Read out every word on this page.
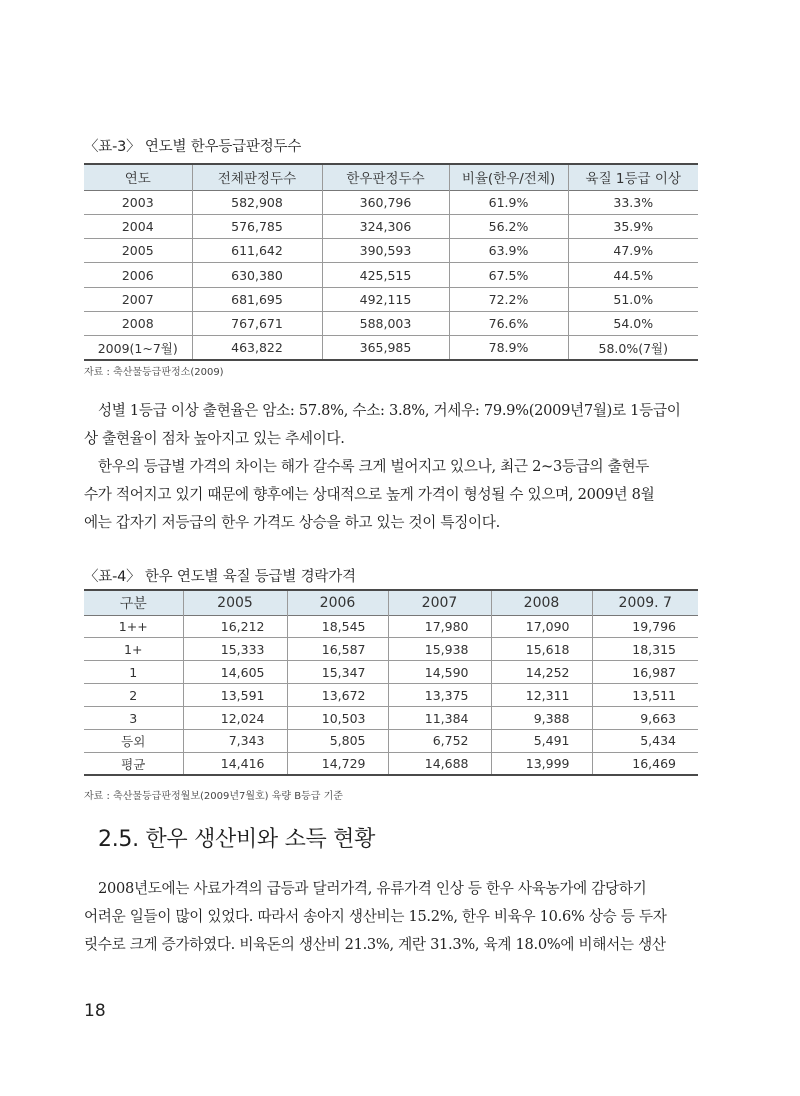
〈표-3〉 연도별 한우등급판정두수
연도	전체판정두수	한우판정두수	비율(한우/전체)	육질 1등급 이상
2003	582,908	360,796	61.9%	33.3%
2004	576,785	324,306	56.2%	35.9%
2005	611,642	390,593	63.9%	47.9%
2006	630,380	425,515	67.5%	44.5%
2007	681,695	492,115	72.2%	51.0%
2008	767,671	588,003	76.6%	54.0%
2009(1~7월)	463,822	365,985	78.9%	58.0%(7월)
자료 : 축산물등급판정소(2009)

성별 1등급 이상 출현율은 암소: 57.8%, 수소: 3.8%, 거세우: 79.9%(2009년7월)로 1등급이

상 출현율이 점차 높아지고 있는 추세이다.

한우의 등급별 가격의 차이는 해가 갈수록 크게 벌어지고 있으나, 최근 2~3등급의 출현두

수가 적어지고 있기 때문에 향후에는 상대적으로 높게 가격이 형성될 수 있으며, 2009년 8월

에는 갑자기 저등급의 한우 가격도 상승을 하고 있는 것이 특징이다.

〈표-4〉 한우 연도별 육질 등급별 경락가격
구분	2005	2006	2007	2008	2009. 7
1++	16,212	18,545	17,980	17,090	19,796
1+	15,333	16,587	15,938	15,618	18,315
1	14,605	15,347	14,590	14,252	16,987
2	13,591	13,672	13,375	12,311	13,511
3	12,024	10,503	11,384	9,388	9,663
등외	7,343	5,805	6,752	5,491	5,434
평균	14,416	14,729	14,688	13,999	16,469
자료 : 축산물등급판정월보(2009년7월호) 육량 B등급 기준
2.5. 한우 생산비와 소득 현황

2008년도에는 사료가격의 급등과 달러가격, 유류가격 인상 등 한우 사육농가에 감당하기

어려운 일들이 많이 있었다. 따라서 송아지 생산비는 15.2%, 한우 비육우 10.6% 상승 등 두자

릿수로 크게 증가하였다. 비육돈의 생산비 21.3%, 계란 31.3%, 육계 18.0%에 비해서는 생산

18
